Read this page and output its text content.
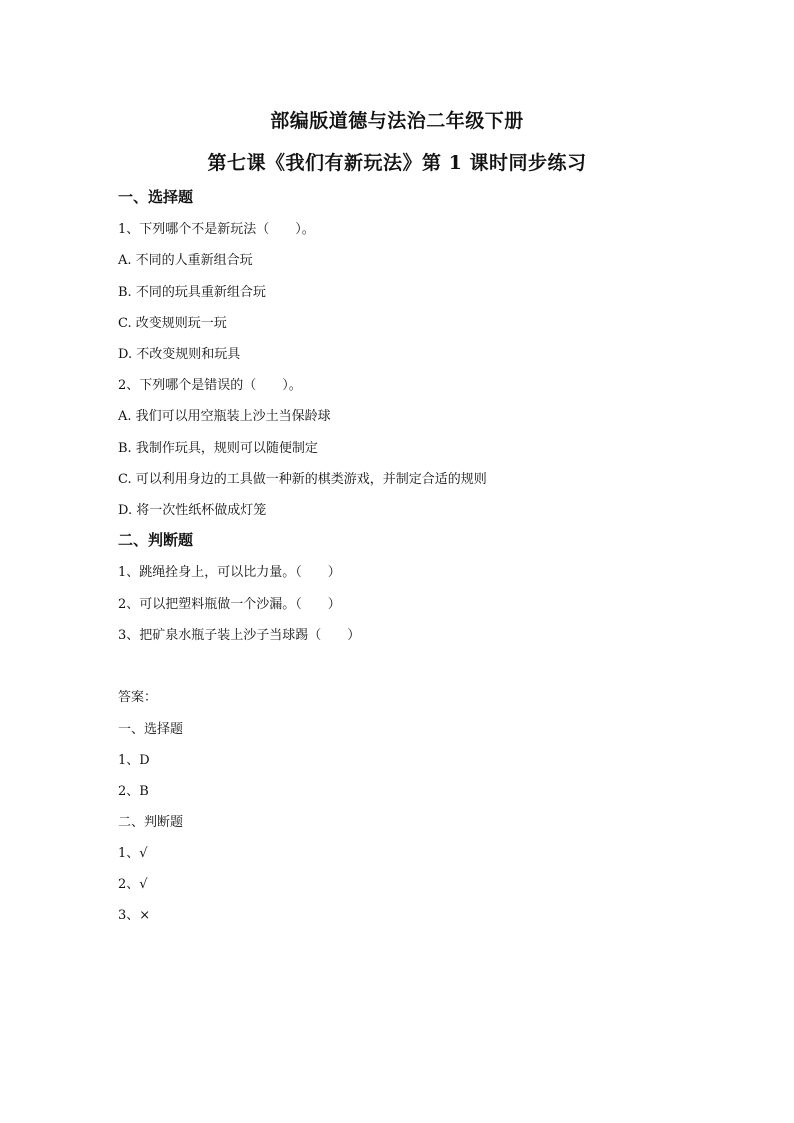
部编版道德与法治二年级下册
第七课《我们有新玩法》第 1 课时同步练习
一、选择题
1、下列哪个不是新玩法（　　）。
A. 不同的人重新组合玩
B. 不同的玩具重新组合玩
C. 改变规则玩一玩
D. 不改变规则和玩具
2、下列哪个是错误的（　　）。
A. 我们可以用空瓶装上沙土当保龄球
B. 我制作玩具，规则可以随便制定
C. 可以利用身边的工具做一种新的棋类游戏，并制定合适的规则
D. 将一次性纸杯做成灯笼
二、判断题
1、跳绳拴身上，可以比力量。（　　）
2、可以把塑料瓶做一个沙漏。（　　）
3、把矿泉水瓶子装上沙子当球踢（　　）
答案：
一、选择题
1、D
2、B
二、判断题
1、√
2、√
3、×
